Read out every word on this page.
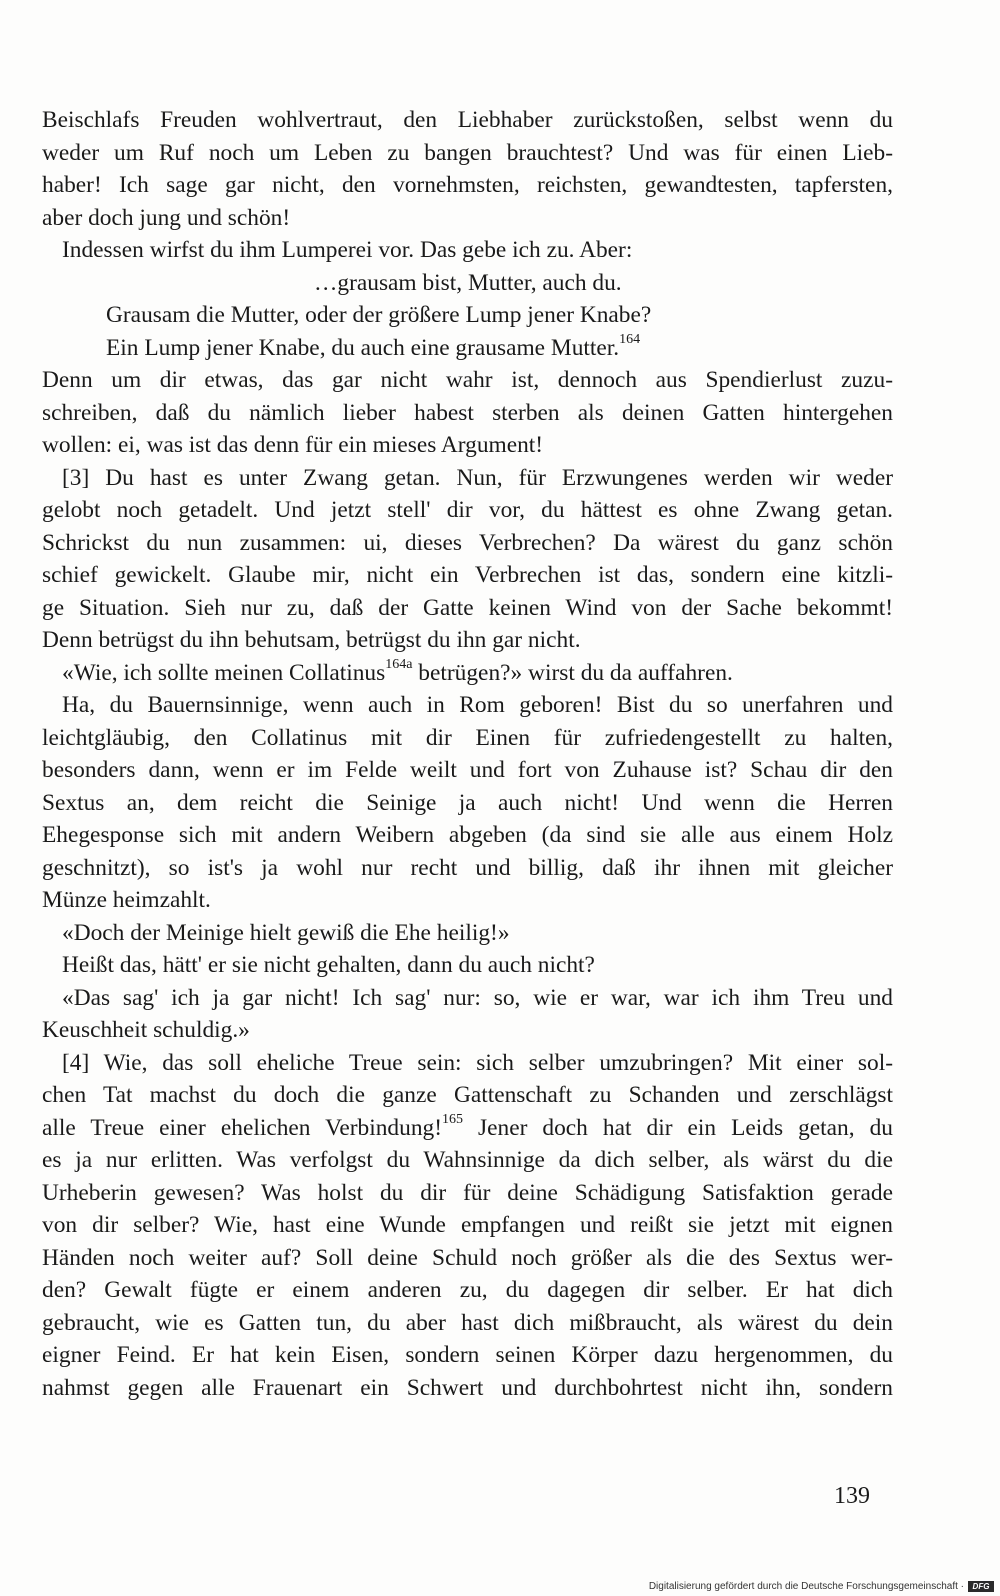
Beischlafs Freuden wohlvertraut, den Liebhaber zurückstoßen, selbst wenn du
weder um Ruf noch um Leben zu bangen brauchtest? Und was für einen Lieb-
haber! Ich sage gar nicht, den vornehmsten, reichsten, gewandtesten, tapfersten,
aber doch jung und schön!
Indessen wirfst du ihm Lumperei vor. Das gebe ich zu. Aber:
…grausam bist, Mutter, auch du.
Grausam die Mutter, oder der größere Lump jener Knabe?
Ein Lump jener Knabe, du auch eine grausame Mutter.$^{164}$
Denn um dir etwas, das gar nicht wahr ist, dennoch aus Spendierlust zuzu-
schreiben, daß du nämlich lieber habest sterben als deinen Gatten hintergehen
wollen: ei, was ist das denn für ein mieses Argument!
[3] Du hast es unter Zwang getan. Nun, für Erzwungenes werden wir weder
gelobt noch getadelt. Und jetzt stell' dir vor, du hättest es ohne Zwang getan.
Schrickst du nun zusammen: ui, dieses Verbrechen? Da wärest du ganz schön
schief gewickelt. Glaube mir, nicht ein Verbrechen ist das, sondern eine kitzli-
ge Situation. Sieh nur zu, daß der Gatte keinen Wind von der Sache bekommt!
Denn betrügst du ihn behutsam, betrügst du ihn gar nicht.
«Wie, ich sollte meinen Collatinus$^{164a}$ betrügen?» wirst du da auffahren.
Ha, du Bauernsinnige, wenn auch in Rom geboren! Bist du so unerfahren und
leichtgläubig, den Collatinus mit dir Einen für zufriedengestellt zu halten,
besonders dann, wenn er im Felde weilt und fort von Zuhause ist? Schau dir den
Sextus an, dem reicht die Seinige ja auch nicht! Und wenn die Herren
Ehegesponse sich mit andern Weibern abgeben (da sind sie alle aus einem Holz
geschnitzt), so ist's ja wohl nur recht und billig, daß ihr ihnen mit gleicher
Münze heimzahlt.
«Doch der Meinige hielt gewiß die Ehe heilig!»
Heißt das, hätt' er sie nicht gehalten, dann du auch nicht?
«Das sag' ich ja gar nicht! Ich sag' nur: so, wie er war, war ich ihm Treu und
Keuschheit schuldig.»
[4] Wie, das soll eheliche Treue sein: sich selber umzubringen? Mit einer sol-
chen Tat machst du doch die ganze Gattenschaft zu Schanden und zerschlägst
alle Treue einer ehelichen Verbindung!$^{165}$ Jener doch hat dir ein Leids getan, du
es ja nur erlitten. Was verfolgst du Wahnsinnige da dich selber, als wärst du die
Urheberin gewesen? Was holst du dir für deine Schädigung Satisfaktion gerade
von dir selber? Wie, hast eine Wunde empfangen und reißt sie jetzt mit eignen
Händen noch weiter auf? Soll deine Schuld noch größer als die des Sextus wer-
den? Gewalt fügte er einem anderen zu, du dagegen dir selber. Er hat dich
gebraucht, wie es Gatten tun, du aber hast dich mißbraucht, als wärest du dein
eigner Feind. Er hat kein Eisen, sondern seinen Körper dazu hergenommen, du
nahmst gegen alle Frauenart ein Schwert und durchbohrtest nicht ihn, sondern
139
Digitalisierung gefördert durch die Deutsche Forschungsgemeinschaft ·	DFG
